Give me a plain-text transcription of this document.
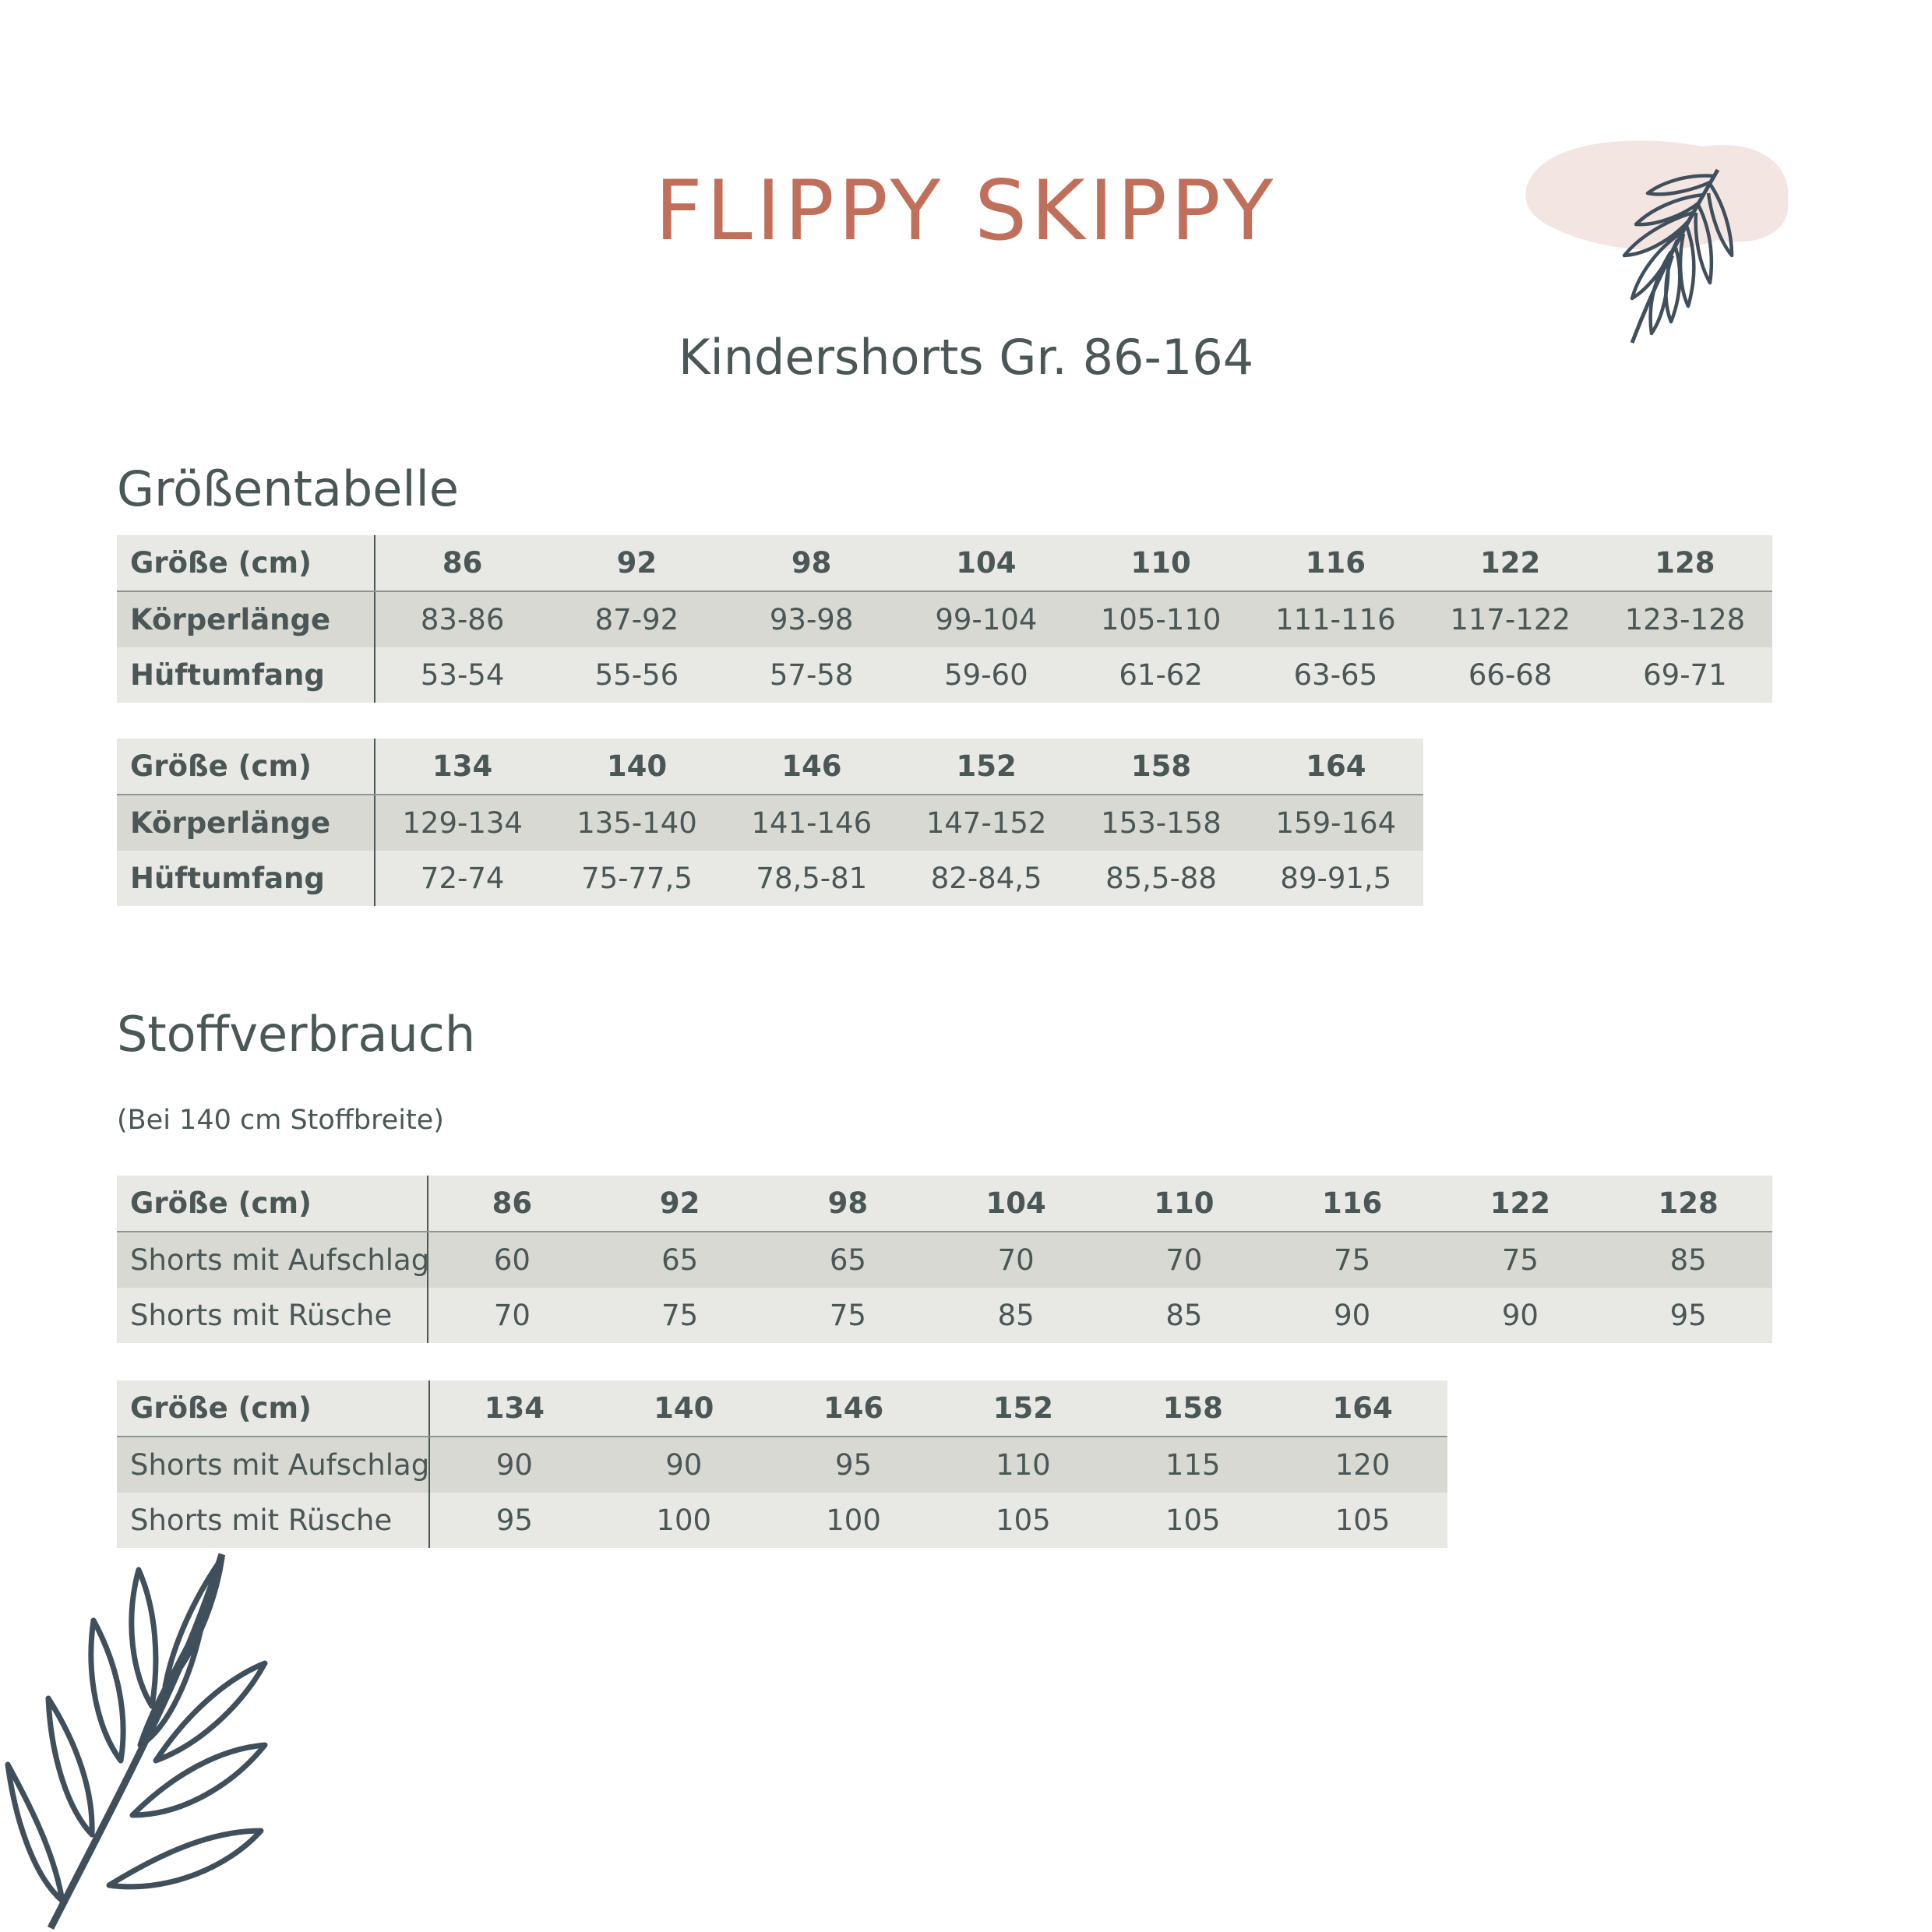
FLIPPY SKIPPY
Kindershorts Gr. 86-164
Größentabelle
Größe (cm)	86	92	98	104	110	116	122	128
Körperlänge	83-86	87-92	93-98	99-104	105-110	111-116	117-122	123-128
Hüftumfang	53-54	55-56	57-58	59-60	61-62	63-65	66-68	69-71
Größe (cm)	134	140	146	152	158	164
Körperlänge	129-134	135-140	141-146	147-152	153-158	159-164
Hüftumfang	72-74	75-77,5	78,5-81	82-84,5	85,5-88	89-91,5
Stoffverbrauch
(Bei 140 cm Stoffbreite)
Größe (cm)	86	92	98	104	110	116	122	128
Shorts mit Aufschlag	60	65	65	70	70	75	75	85
Shorts mit Rüsche	70	75	75	85	85	90	90	95
Größe (cm)	134	140	146	152	158	164
Shorts mit Aufschlag	90	90	95	110	115	120
Shorts mit Rüsche	95	100	100	105	105	105
